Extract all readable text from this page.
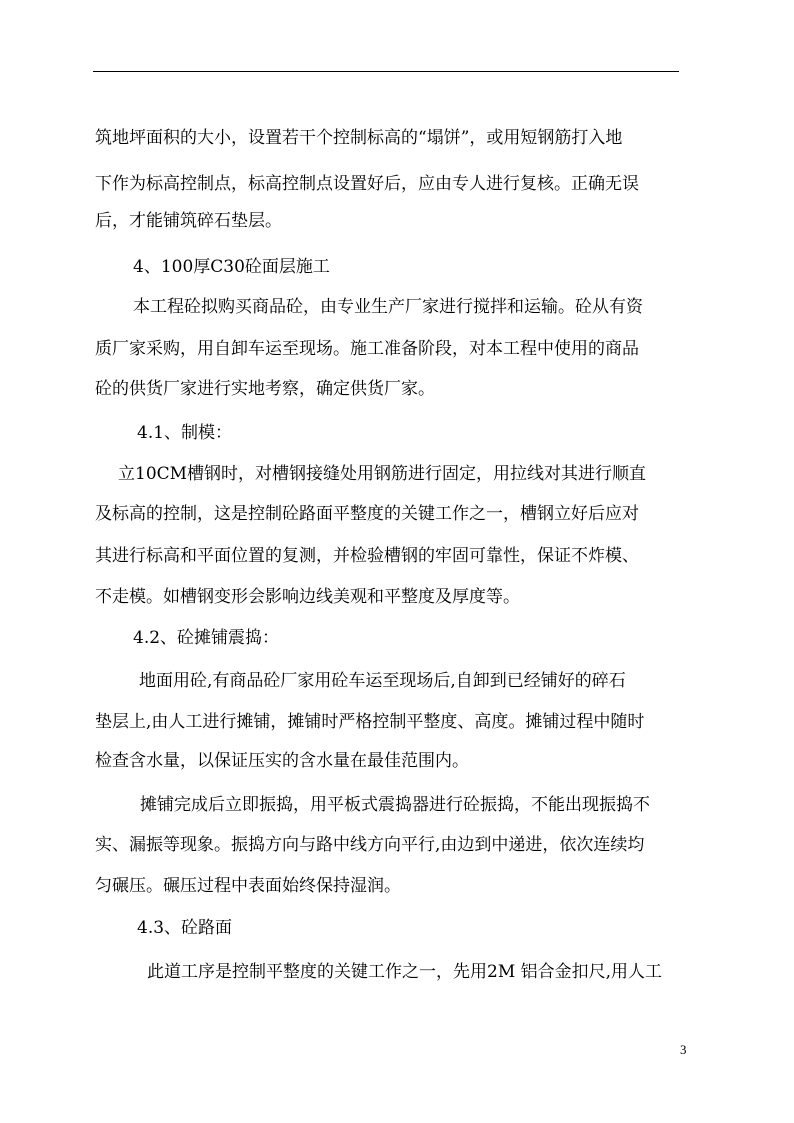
筑地坪面积的大小，设置若干个控制标高的“塌饼”，或用短钢筋打入地
下作为标高控制点，标高控制点设置好后，应由专人进行复核。正确无误
后，才能铺筑碎石垫层。
4、100厚C30砼面层施工
本工程砼拟购买商品砼，由专业生产厂家进行搅拌和运输。砼从有资
质厂家采购，用自卸车运至现场。施工准备阶段，对本工程中使用的商品
砼的供货厂家进行实地考察，确定供货厂家。
4.1、制模：
立10CM槽钢时，对槽钢接缝处用钢筋进行固定，用拉线对其进行顺直
及标高的控制，这是控制砼路面平整度的关键工作之一，槽钢立好后应对
其进行标高和平面位置的复测，并检验槽钢的牢固可靠性，保证不炸模、
不走模。如槽钢变形会影响边线美观和平整度及厚度等。
4.2、砼摊铺震捣：
地面用砼,有商品砼厂家用砼车运至现场后,自卸到已经铺好的碎石
垫层上,由人工进行摊铺，摊铺时严格控制平整度、高度。摊铺过程中随时
检查含水量，以保证压实的含水量在最佳范围内。
摊铺完成后立即振捣，用平板式震捣器进行砼振捣，不能出现振捣不
实、漏振等现象。振捣方向与路中线方向平行,由边到中递进，依次连续均
匀碾压。碾压过程中表面始终保持湿润。
4.3、砼路面
此道工序是控制平整度的关键工作之一，先用2M 铝合金扣尺,用人工
3
